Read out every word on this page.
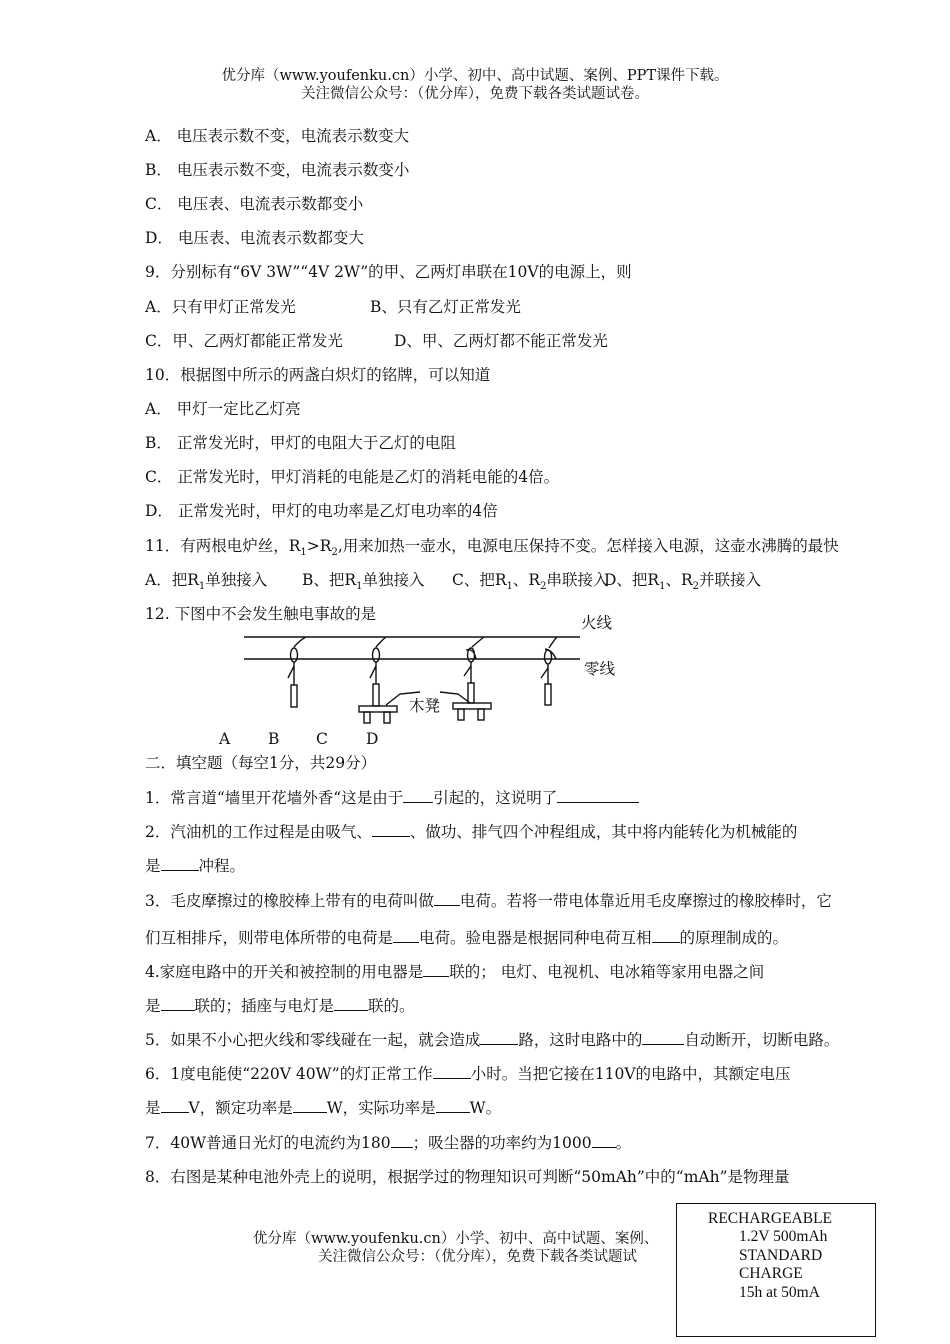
优分库（www.youfenku.cn）小学、初中、高中试题、案例、PPT课件下载。
关注微信公众号：（优分库），免费下载各类试题试卷。
A． 电压表示数不变，电流表示数变大
B． 电压表示数不变，电流表示数变小
C． 电压表、电流表示数都变小
D． 电压表、电流表示数都变大
9．分别标有“6V 3W”“4V 2W”的甲、乙两灯串联在10V的电源上，则
A．只有甲灯正常发光	B、只有乙灯正常发光
C．甲、乙两灯都能正常发光	D、甲、乙两灯都不能正常发光
10．根据图中所示的两盏白炽灯的铭牌，可以知道
A． 甲灯一定比乙灯亮
B． 正常发光时，甲灯的电阻大于乙灯的电阻
C． 正常发光时，甲灯消耗的电能是乙灯的消耗电能的4倍。
D． 正常发光时，甲灯的电功率是乙灯电功率的4倍
11．有两根电炉丝，$R_1>R_2$,用来加热一壶水，电源电压保持不变。怎样接入电源，这壶水沸腾的最快
A．把$R_1$单独接入 B、把$R_1$单独接入 C、把$R_1$、$R_2$串联接入
D、把$R_1$、$R_2$并联接入
12. 下图中不会发生触电事故的是	火线
零线
木凳
A B C D
二．填空题（每空1分，共29分）
1．常言道“墙里开花墙外香“这是由于 引起的，这说明了
2．汽油机的工作过程是由吸气、 、做功、排气四个冲程组成，其中将内能转化为机械能的
是 冲程。
3．毛皮摩擦过的橡胶棒上带有的电荷叫做 电荷。若将一带电体靠近用毛皮摩擦过的橡胶棒时，它
们互相排斥，则带电体所带的电荷是 电荷。验电器是根据同种电荷互相 的原理制成的。
4.家庭电路中的开关和被控制的用电器是 联的； 电灯、电视机、电冰箱等家用电器之间
是 联的；插座与电灯是 联的。
5．如果不小心把火线和零线碰在一起，就会造成 路，这时电路中的	自动断开，切断电路。
6．1度电能使“220V 40W”的灯正常工作 小时。当把它接在110V的电路中，其额定电压
是 V，额定功率是 W，实际功率是 W。
7．40W普通日光灯的电流约为180 ；吸尘器的功率约为1000 。
8．右图是某种电池外壳上的说明，根据学过的物理知识可判断“50mAh”中的“mAh”是物理量
优分库（www.youfenku.cn）小学、初中、高中试题、案例、
关注微信公众号：（优分库），免费下载各类试题试
RECHARGEABLE
1.2V 500mAh
STANDARD
CHARGE
15h at 50mA
